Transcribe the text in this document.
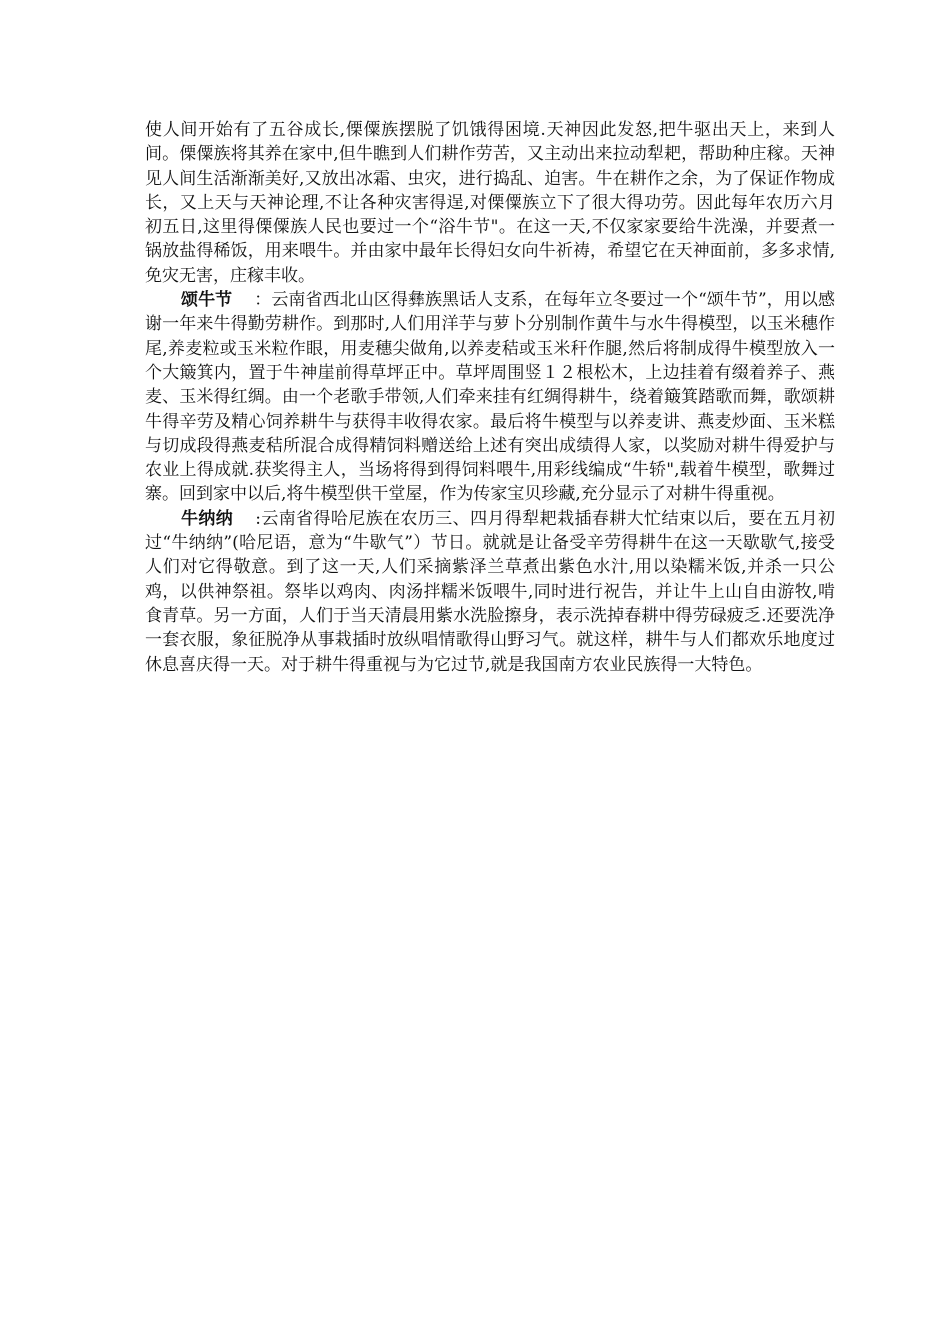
使人间开始有了五谷成长,傈僳族摆脱了饥饿得困境.天神因此发怒,把牛驱出天上，来到人间。傈僳族将其养在家中,但牛瞧到人们耕作劳苦，又主动出来拉动犁耙，帮助种庄稼。天神见人间生活渐渐美好,又放出冰霜、虫灾，进行捣乱、迫害。牛在耕作之余，为了保证作物成长，又上天与天神论理,不让各种灾害得逞,对傈僳族立下了很大得功劳。因此每年农历六月初五日,这里得傈僳族人民也要过一个“浴牛节"。在这一天,不仅家家要给牛洗澡，并要煮一锅放盐得稀饭，用来喂牛。并由家中最年长得妇女向牛祈祷，希望它在天神面前，多多求情,免灾无害，庄稼丰收。

颂牛节 ：云南省西北山区得彝族黑话人支系，在每年立冬要过一个“颂牛节”，用以感谢一年来牛得勤劳耕作。到那时,人们用洋芋与萝卜分别制作黄牛与水牛得模型，以玉米穗作尾,养麦粒或玉米粒作眼，用麦穗尖做角,以养麦秸或玉米秆作腿,然后将制成得牛模型放入一个大簸箕内，置于牛神崖前得草坪正中。草坪周围竖１２根松木，上边挂着有缀着养子、燕麦、玉米得红绸。由一个老歌手带领,人们牵来挂有红绸得耕牛，绕着簸箕踏歌而舞，歌颂耕牛得辛劳及精心饲养耕牛与获得丰收得农家。最后将牛模型与以养麦讲、燕麦炒面、玉米糕与切成段得燕麦秸所混合成得精饲料赠送给上述有突出成绩得人家，以奖励对耕牛得爱护与农业上得成就.获奖得主人，当场将得到得饲料喂牛,用彩线编成“牛轿",载着牛模型，歌舞过寨。回到家中以后,将牛模型供干堂屋，作为传家宝贝珍藏,充分显示了对耕牛得重视。

牛纳纳 :云南省得哈尼族在农历三、四月得犁耙栽插春耕大忙结束以后，要在五月初过“牛纳纳”(哈尼语，意为“牛歇气”）节日。就就是让备受辛劳得耕牛在这一天歇歇气,接受人们对它得敬意。到了这一天,人们采摘紫泽兰草煮出紫色水汁,用以染糯米饭,并杀一只公鸡，以供神祭祖。祭毕以鸡肉、肉汤拌糯米饭喂牛,同时进行祝告，并让牛上山自由游牧,啃食青草。另一方面，人们于当天清晨用紫水洗脸擦身，表示洗掉春耕中得劳碌疲乏.还要洗净一套衣服，象征脱净从事栽插时放纵唱情歌得山野习气。就这样，耕牛与人们都欢乐地度过休息喜庆得一天。对于耕牛得重视与为它过节,就是我国南方农业民族得一大特色。
